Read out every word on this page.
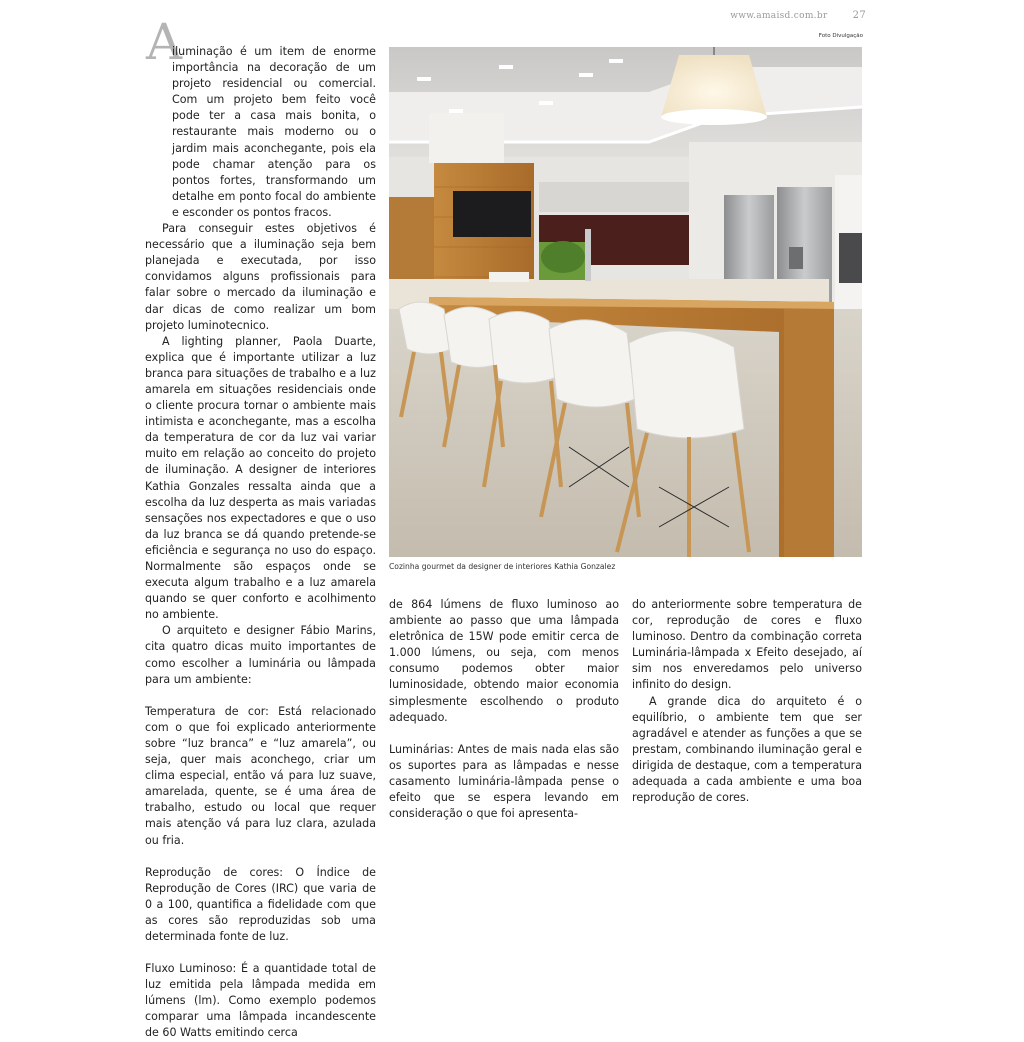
www.amaisd.com.br	27
Foto Divulgação
A

iluminação é um item de enorme importância na decoração de um projeto residencial ou comercial. Com um projeto bem feito você pode ter a casa mais bonita, o restaurante mais moderno ou o jardim mais aconchegante, pois ela pode chamar atenção para os pontos fortes, transformando um detalhe em ponto focal do ambiente e esconder os pontos fracos.

Para conseguir estes objetivos é necessário que a iluminação seja bem planejada e executada, por isso convidamos alguns profissionais para falar sobre o mercado da iluminação e dar dicas de como realizar um bom projeto luminotecnico.

A lighting planner, Paola Duarte, explica que é importante utilizar a luz branca para situações de trabalho e a luz amarela em situações residenciais onde o cliente procura tornar o ambiente mais intimista e aconchegante, mas a escolha da temperatura de cor da luz vai variar muito em relação ao conceito do projeto de iluminação. A designer de interiores Kathia Gonzales ressalta ainda que a escolha da luz desperta as mais variadas sensações nos expectadores e que o uso da luz branca se dá quando pretende-se eficiência e segurança no uso do espaço. Normalmente são espaços onde se executa algum trabalho e a luz amarela quando se quer conforto e acolhimento no ambiente.

O arquiteto e designer Fábio Marins, cita quatro dicas muito importantes de como escolher a luminária ou lâmpada para um ambiente:

Temperatura de cor: Está relacionado com o que foi explicado anteriormente sobre “luz branca” e “luz amarela”, ou seja, quer mais aconchego, criar um clima especial, então vá para luz suave, amarelada, quente, se é uma área de trabalho, estudo ou local que requer mais atenção vá para luz clara, azulada ou fria.

Reprodução de cores: O Índice de Reprodução de Cores (IRC) que varia de 0 a 100, quantifica a fidelidade com que as cores são reproduzidas sob uma determinada fonte de luz.

Fluxo Luminoso: É a quantidade total de luz emitida pela lâmpada medida em lúmens (lm). Como exemplo podemos comparar uma lâmpada incandescente de 60 Watts emitindo cerca

Cozinha gourmet da designer de interiores Kathia Gonzalez

de 864 lúmens de fluxo luminoso ao ambiente ao passo que uma lâmpada eletrônica de 15W pode emitir cerca de 1.000 lúmens, ou seja, com menos consumo podemos obter maior luminosidade, obtendo maior economia simplesmente escolhendo o produto adequado.

Luminárias: Antes de mais nada elas são os suportes para as lâmpadas e nesse casamento luminária-lâmpada pense o efeito que se espera levando em consideração o que foi apresenta-

do anteriormente sobre temperatura de cor, reprodução de cores e fluxo luminoso. Dentro da combinação correta Luminária-lâmpada x Efeito desejado, aí sim nos enveredamos pelo universo infinito do design.

A grande dica do arquiteto é o equilíbrio, o ambiente tem que ser agradável e atender as funções a que se prestam, combinando iluminação geral e dirigida de destaque, com a temperatura adequada a cada ambiente e uma boa reprodução de cores.
